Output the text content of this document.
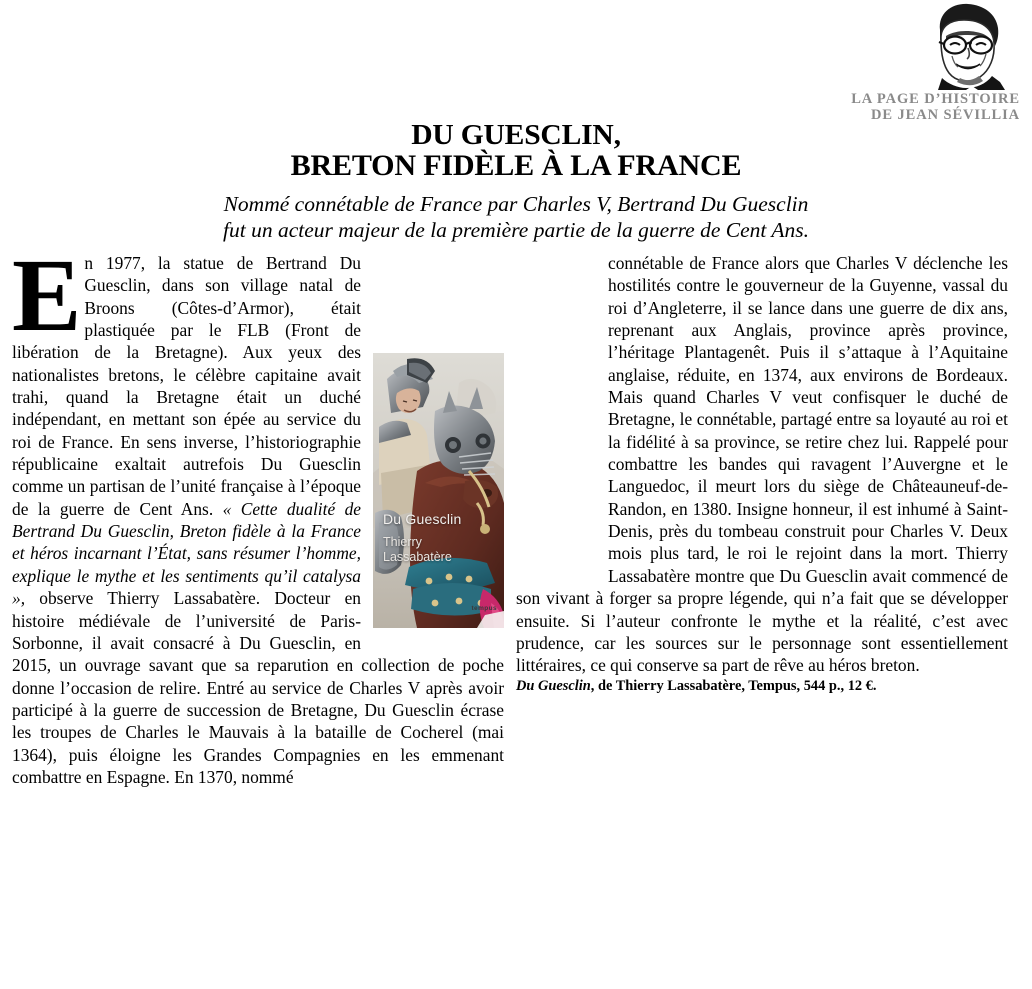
LA PAGE D’HISTOIRE
DE JEAN SÉVILLIA
DU GUESCLIN,
BRETON FIDÈLE À LA FRANCE
Nommé connétable de France par Charles V, Bertrand Du Guesclin
fut un acteur majeur de la première partie de la guerre de Cent Ans.
Du Guesclin
Thierry
Lassabatère
tempus

En 1977, la statue de Bertrand Du Guesclin, dans son village natal de Broons (Côtes-d’Armor), était plastiquée par le FLB (Front de libération de la Bretagne). Aux yeux des nationalistes bretons, le célèbre capitaine avait trahi, quand la Bretagne était un duché indépendant, en mettant son épée au service du roi de France. En sens inverse, l’historiographie républicaine exaltait autrefois Du Guesclin comme un partisan de l’unité française à l’époque de la guerre de Cent Ans. « Cette dualité de Bertrand Du Guesclin, Breton fidèle à la France et héros incarnant l’État, sans résumer l’homme, explique le mythe et les sentiments qu’il catalysa », observe Thierry Lassabatère. Docteur en histoire médiévale de l’université de Paris-Sorbonne, il avait consacré à Du Guesclin, en 2015, un ouvrage savant que sa reparution en collection de poche donne l’occasion de relire. Entré au service de Charles V après avoir participé à la guerre de succession de Bretagne, Du Guesclin écrase les troupes de Charles le Mauvais à la bataille de Cocherel (mai 1364), puis éloigne les Grandes Compagnies en les emmenant combattre en Espagne. En 1370, nommé

connétable de France alors que Charles V déclenche les hostilités contre le gouverneur de la Guyenne, vassal du roi d’Angleterre, il se lance dans une guerre de dix ans, reprenant aux Anglais, province après province, l’héritage Plantagenêt. Puis il s’attaque à l’Aquitaine anglaise, réduite, en 1374, aux environs de Bordeaux. Mais quand Charles V veut confisquer le duché de Bretagne, le connétable, partagé entre sa loyauté au roi et la fidélité à sa province, se retire chez lui. Rappelé pour combattre les bandes qui ravagent l’Auvergne et le Languedoc, il meurt lors du siège de Châteauneuf-de-Randon, en 1380. Insigne honneur, il est inhumé à Saint-Denis, près du tombeau construit pour Charles V. Deux mois plus tard, le roi le rejoint dans la mort. Thierry Lassabatère montre que Du Guesclin avait commencé de son vivant à forger sa propre légende, qui n’a fait que se développer ensuite. Si l’auteur confronte le mythe et la réalité, c’est avec prudence, car les sources sur le personnage sont essentiellement littéraires, ce qui conserve sa part de rêve au héros breton.

Du Guesclin, de Thierry Lassabatère, Tempus, 544 p., 12 €.
